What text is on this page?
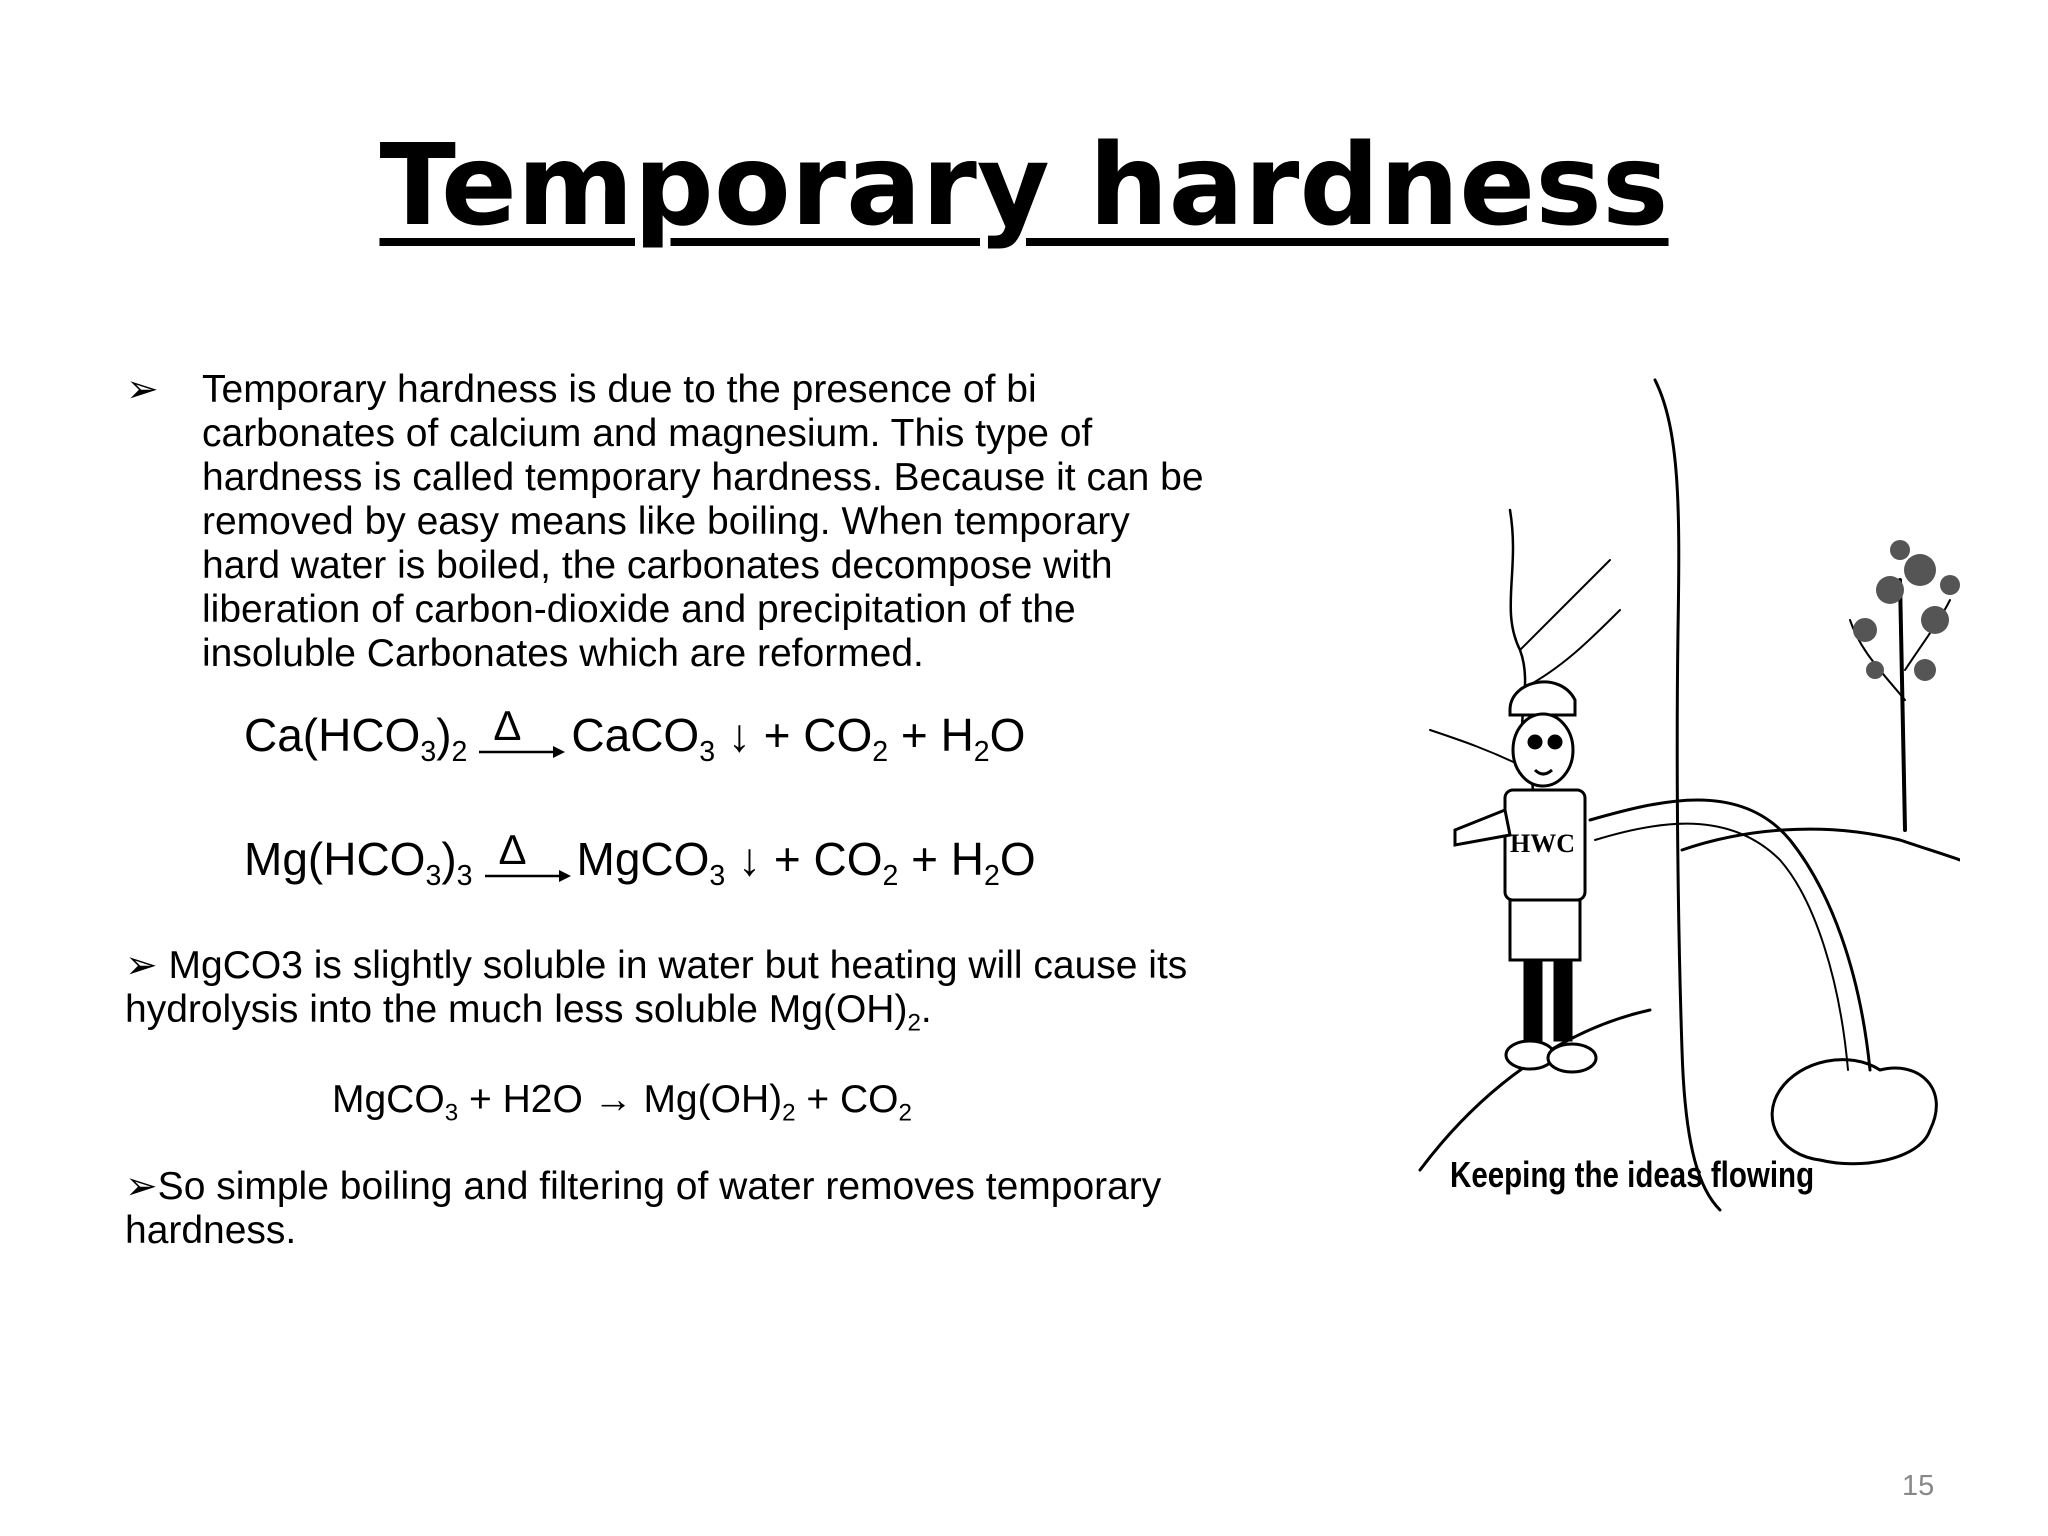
Temporary hardness
➢ Temporary hardness is due to the presence of bi
carbonates of calcium and magnesium. This type of
hardness is called temporary hardness. Because it can be
removed by easy means like boiling. When temporary
hard water is boiled, the carbonates decompose with
liberation of carbon-dioxide and precipitation of the
insoluble Carbonates which are reformed.
$Ca(HCO_3)_2$
Δ CaCO$_3$ ↓ + $CO_2 + H_2O$
$Mg(HCO_3)_3$
Δ MgCO$_3$ ↓ + $CO_2 + H_2O$
➢ MgCO3 is slightly soluble in water but heating will cause its
hydrolysis into the much less soluble $Mg(OH)_2$.
MgCO$_3$ + $H2O \to Mg(OH)_2 + CO_2$
➢So simple boiling and filtering of water removes temporary
hardness.
HWC
Keeping the ideas flowing
15
